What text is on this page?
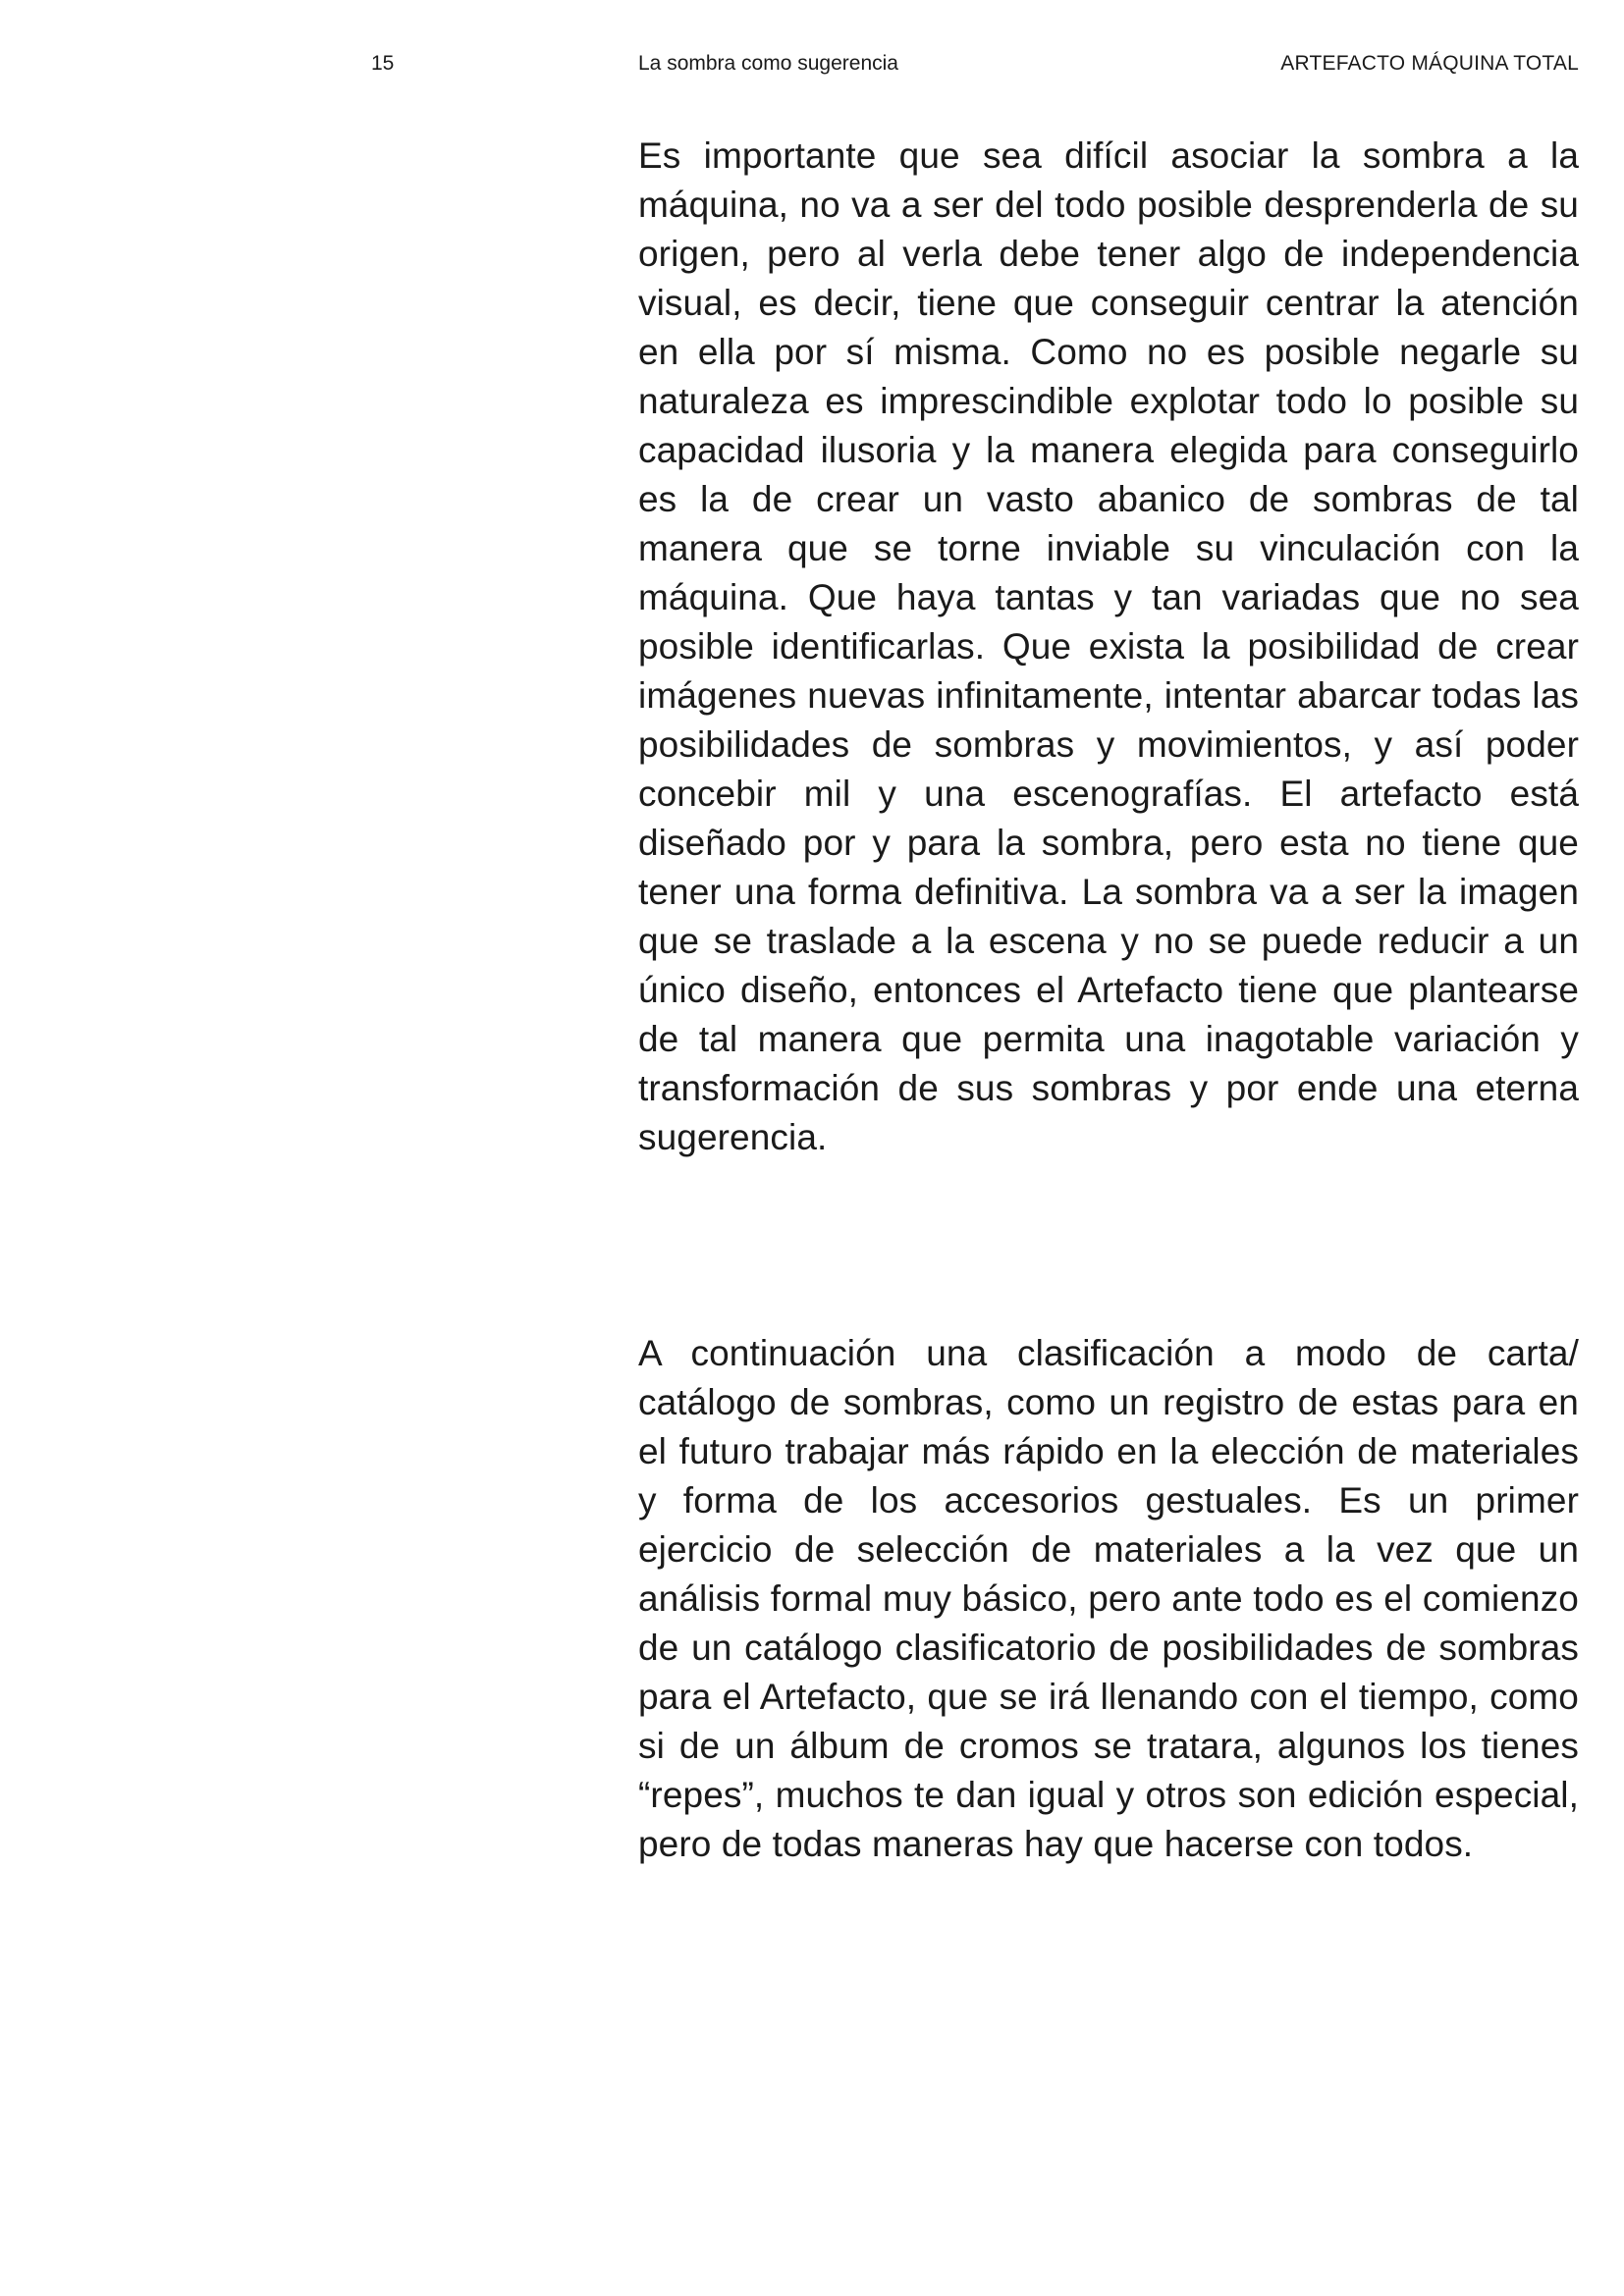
15	La sombra como sugerencia	ARTEFACTO MÁQUINA TOTAL

Es importante que sea difícil asociar la sombra a la máquina, no va a ser del todo posible desprenderla de su origen, pero al verla debe tener algo de independencia visual, es decir, tiene que conseguir centrar la atención en ella por sí misma. Como no es posible negarle su naturaleza es imprescindible explotar todo lo posible su capacidad ilusoria y la manera elegida para conseguirlo es la de crear un vasto abanico de sombras de tal manera que se torne inviable su vinculación con la máquina. Que haya tantas y tan variadas que no sea posible identificarlas. Que exista la posibilidad de crear imágenes nuevas infinitamente, intentar abarcar todas las posibilidades de sombras y movimientos, y así poder concebir mil y una escenografías. El artefacto está diseñado por y para la sombra, pero esta no tiene que tener una forma definitiva. La sombra va a ser la imagen que se traslade a la escena y no se puede reducir a un único diseño, entonces el Artefacto tiene que plantearse de tal manera que permita una inagotable variación y transformación de sus sombras y por ende una eterna sugerencia.

A continuación una clasificación a modo de carta/ catálogo de sombras, como un registro de estas para en el futuro trabajar más rápido en la elección de materiales y forma de los accesorios gestuales. Es un primer ejercicio de selección de materiales a la vez que un análisis formal muy básico, pero ante todo es el comienzo de un catálogo clasificatorio de posibilidades de sombras para el Artefacto, que se irá llenando con el tiempo, como si de un álbum de cromos se tratara, algunos los tienes “repes”, muchos te dan igual y otros son edición especial, pero de todas maneras hay que hacerse con todos.
